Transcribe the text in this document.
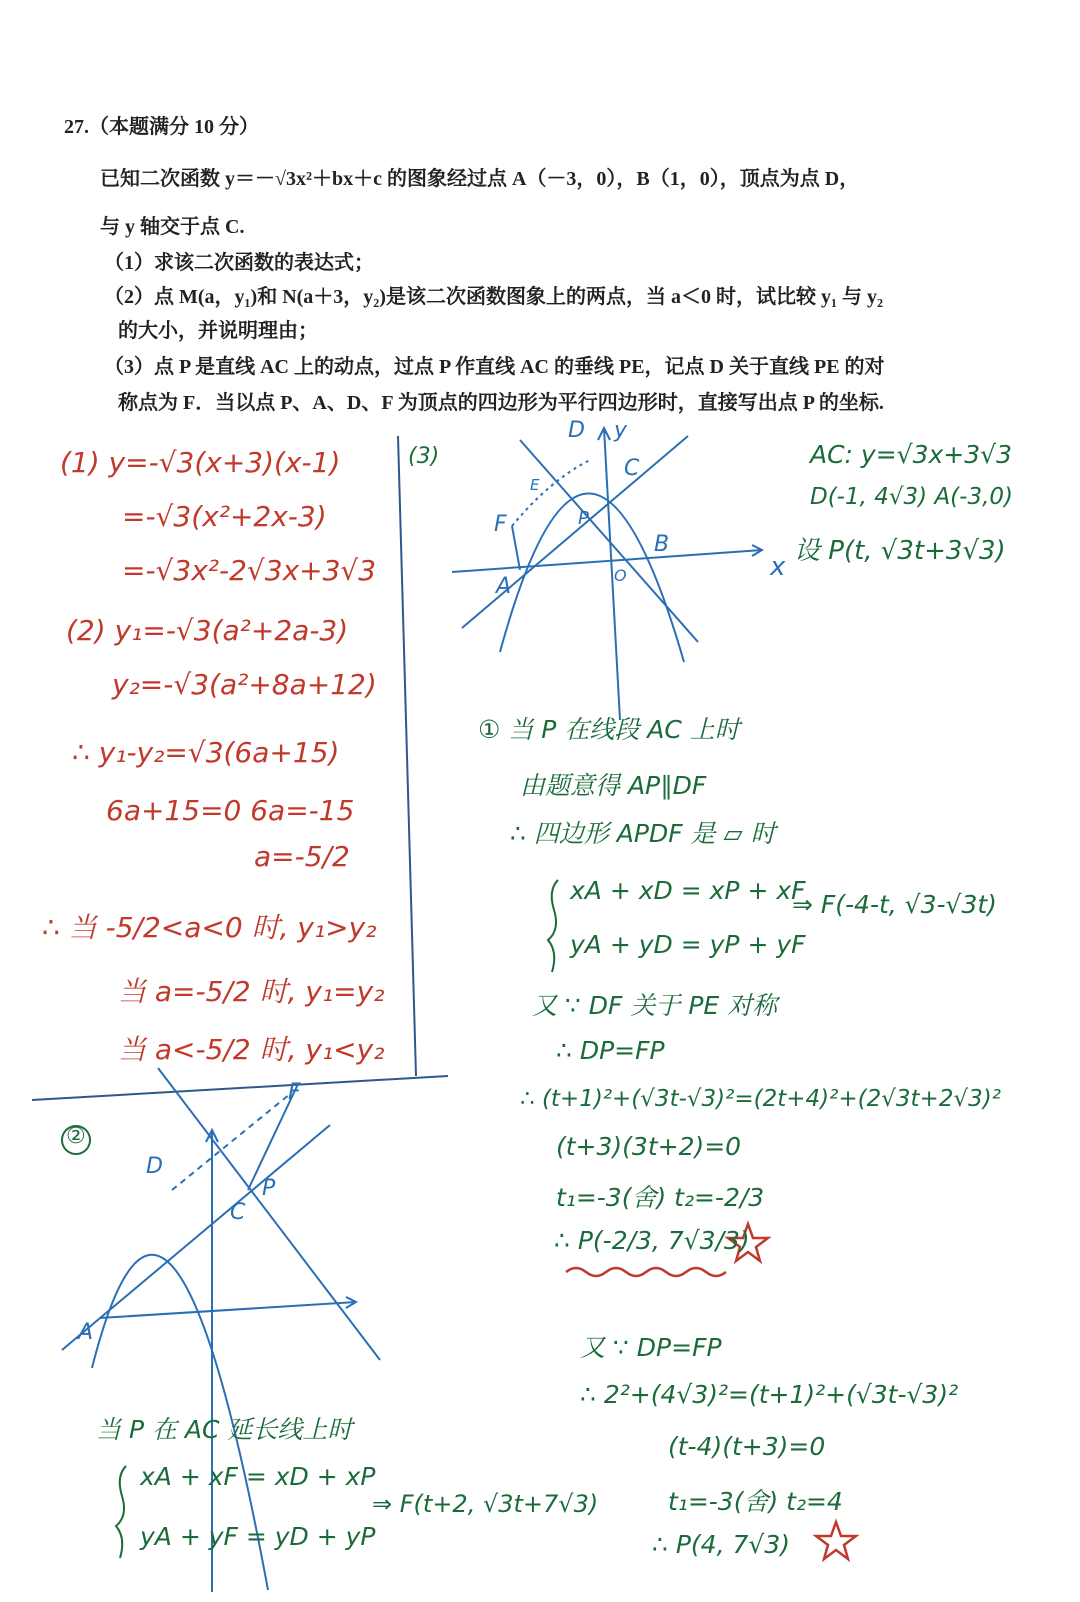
27.（本题满分 10 分）
已知二次函数 y＝－√3x²＋bx＋c 的图象经过点 A（－3，0），B（1，0），顶点为点 D，
与 y 轴交于点 C.
（1）求该二次函数的表达式；
（2）点 M(a，y₁)和 N(a＋3，y₂)是该二次函数图象上的两点，当 a＜0 时，试比较 y₁ 与 y₂
的大小，并说明理由；
（3）点 P 是直线 AC 上的动点，过点 P 作直线 AC 的垂线 PE，记点 D 关于直线 PE 的对
称点为 F．当以点 P、A、D、F 为顶点的四边形为平行四边形时，直接写出点 P 的坐标.
D y
C
E
F	P
B
x
O
A
D
F
P
C
A
(1) y=-√3(x+3)(x-1)
=-√3(x²+2x-3)
=-√3x²-2√3x+3√3
(2) y₁=-√3(a²+2a-3)
y₂=-√3(a²+8a+12)
∴ y₁-y₂=√3(6a+15)
6a+15=0 6a=-15
a=-5/2
∴ 当 -5/2<a<0 时, y₁>y₂
当 a=-5/2 时, y₁=y₂
当 a<-5/2 时, y₁<y₂
(3)	AC: y=√3x+3√3
D(-1, 4√3) A(-3,0)
设 P(t, √3t+3√3)
① 当 P 在线段 AC 上时
由题意得 AP∥DF
∴ 四边形 APDF 是 ▱ 时
xA + xD = xP + xF
yA + yD = yP + yF
⇒ F(-4-t, √3-√3t)
又 ∵ DF 关于 PE 对称
∴ DP=FP
∴ (t+1)²+(√3t-√3)²=(2t+4)²+(2√3t+2√3)²
(t+3)(3t+2)=0
t₁=-3(舍) t₂=-2/3
∴ P(-2/3, 7√3/3)
②
又 ∵ DP=FP
∴ 2²+(4√3)²=(t+1)²+(√3t-√3)²
(t-4)(t+3)=0
t₁=-3(舍) t₂=4
∴ P(4, 7√3)
当 P 在 AC 延长线上时
xA + xF = xD + xP
yA + yF = yD + yP
⇒ F(t+2, √3t+7√3)
